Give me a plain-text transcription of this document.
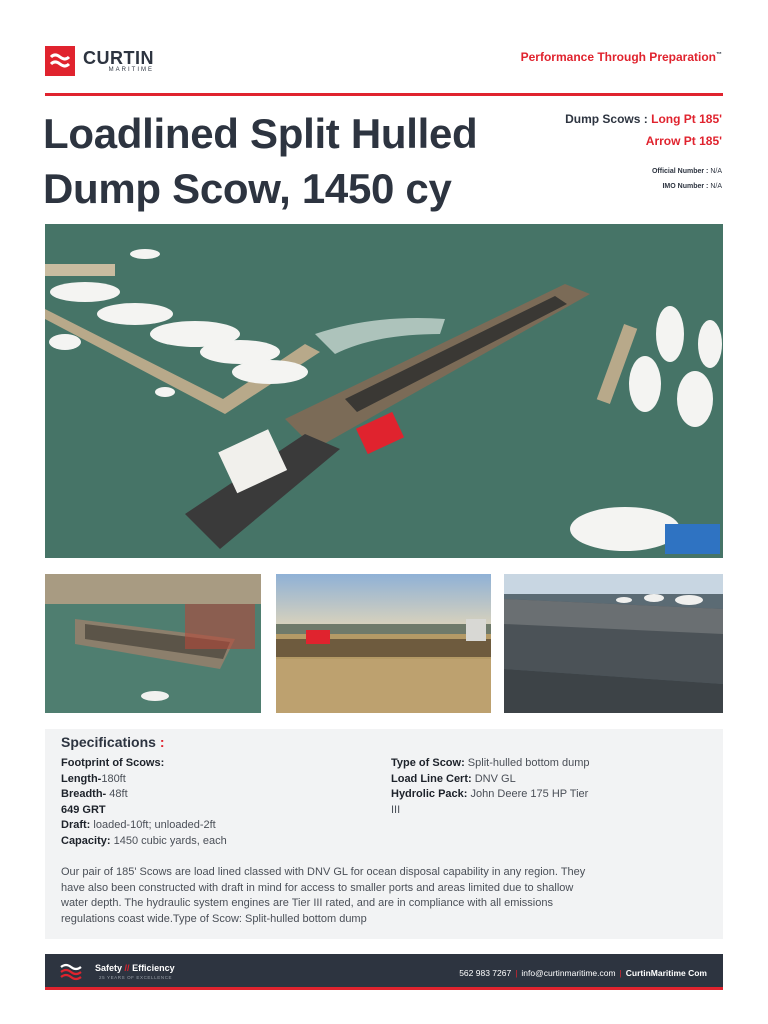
CURTIN
MARITIME
Performance Through Preparation™
Loadlined Split Hulled
Dump Scow, 1450 cy
Dump Scows : Long Pt 185'
Arrow Pt 185'
Official Number : N/A
IMO Number : N/A
Specifications :
Footprint of Scows:
Length-180ft
Breadth- 48ft
649 GRT
Draft: loaded-10ft; unloaded-2ft
Capacity: 1450 cubic yards, each
Type of Scow: Split-hulled bottom dump
Load Line Cert: DNV GL
Hydrolic Pack: John Deere 175 HP Tier III
Our pair of 185' Scows are load lined classed with DNV GL for ocean disposal capability in any region. They have also been constructed with draft in mind for access to smaller ports and areas limited due to shallow water depth. The hydraulic system engines are Tier III rated, and are in compliance with all emissions regulations coast wide.Type of Scow: Split-hulled bottom dump
Safety // Efficiency
25 YEARS OF EXCELLENCE	562 983 7267 | info@curtinmaritime.com | CurtinMaritime Com
